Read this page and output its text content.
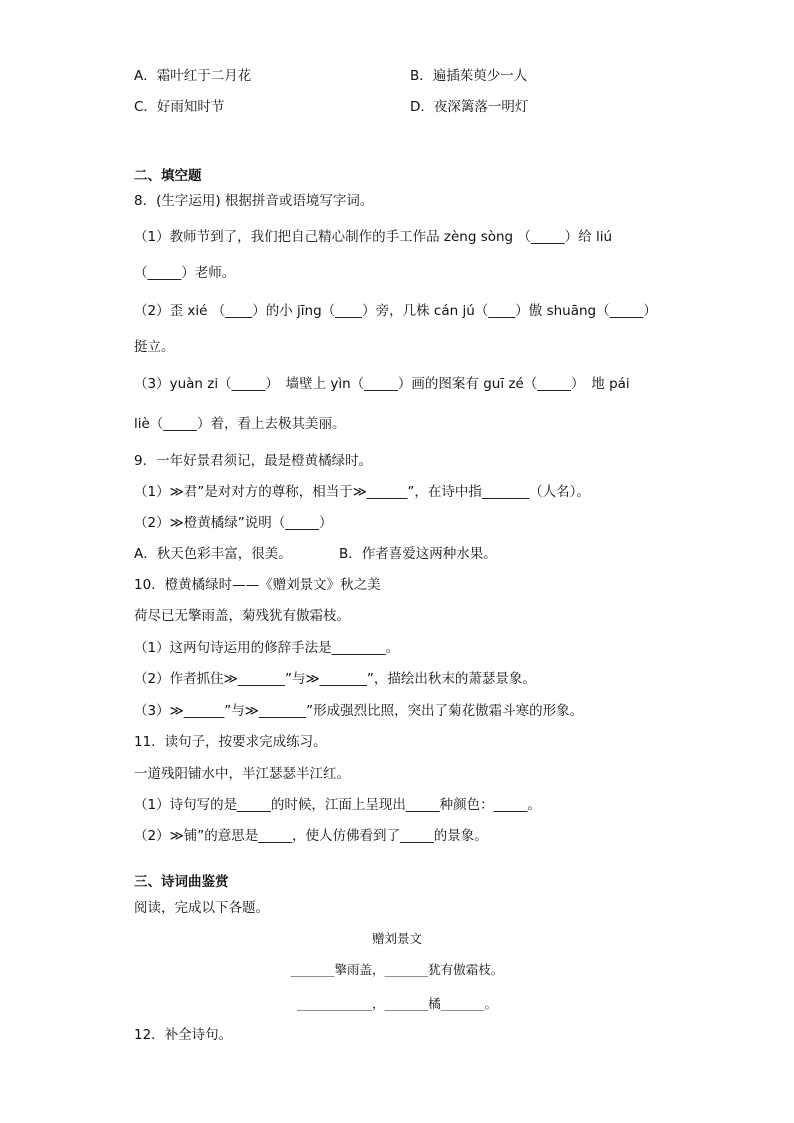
A．霜叶红于二月花	B．遍插茱萸少一人
C．好雨知时节	D．夜深篱落一明灯
二、填空题
8．(生字运用) 根据拼音或语境写字词。
（1）教师节到了，我们把自己精心制作的手工作品 zèng sòng （_____）给 liú
（_____）老师。
（2）歪 xié （____）的小 jīng（____）旁，几株 cán jú（____）傲 shuāng（_____）
挺立。
（3）yuàn zi（_____）　墙壁上 yìn（_____）画的图案有 guī zé（_____）　地 pái
liè（_____）着，看上去极其美丽。
9．一年好景君须记，最是橙黄橘绿时。
（1）≫君”是对对方的尊称，相当于≫______”，在诗中指_______（人名）。
（2）≫橙黄橘绿”说明（_____）
A．秋天色彩丰富，很美。　　　　B．作者喜爱这两种水果。
10．橙黄橘绿时——《赠刘景文》秋之美
荷尽已无擎雨盖，菊残犹有傲霜枝。
（1）这两句诗运用的修辞手法是________。
（2）作者抓住≫_______”与≫_______”，描绘出秋末的萧瑟景象。
（3）≫______”与≫_______”形成强烈比照，突出了菊花傲霜斗寒的形象。
11．读句子，按要求完成练习。
一道残阳铺水中，半江瑟瑟半江红。
（1）诗句写的是_____的时候，江面上呈现出_____种颜色：_____。
（2）≫铺”的意思是_____，使人仿佛看到了_____的景象。
三、诗词曲鉴赏
阅读，完成以下各题。
赠刘景文
_______擎雨盖，_______犹有傲霜枝。
____________，_______橘_______。
12．补全诗句。
